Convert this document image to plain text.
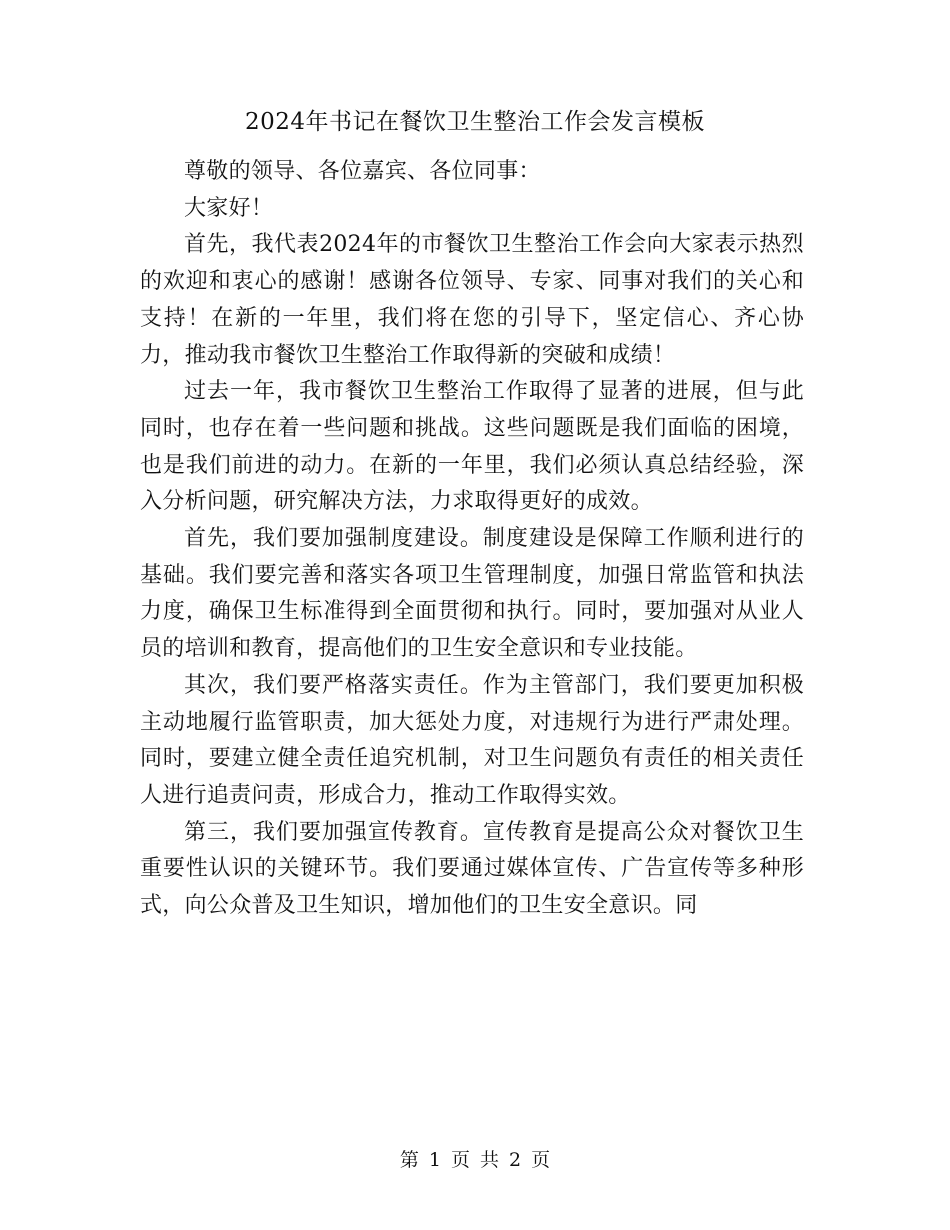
2024年书记在餐饮卫生整治工作会发言模板

尊敬的领导、各位嘉宾、各位同事：

大家好！

首先，我代表2024年的市餐饮卫生整治工作会向大家表示热烈的欢迎和衷心的感谢！感谢各位领导、专家、同事对我们的关心和支持！在新的一年里，我们将在您的引导下，坚定信心、齐心协力，推动我市餐饮卫生整治工作取得新的突破和成绩！

过去一年，我市餐饮卫生整治工作取得了显著的进展，但与此同时，也存在着一些问题和挑战。这些问题既是我们面临的困境，也是我们前进的动力。在新的一年里，我们必须认真总结经验，深入分析问题，研究解决方法，力求取得更好的成效。

首先，我们要加强制度建设。制度建设是保障工作顺利进行的基础。我们要完善和落实各项卫生管理制度，加强日常监管和执法力度，确保卫生标准得到全面贯彻和执行。同时，要加强对从业人员的培训和教育，提高他们的卫生安全意识和专业技能。

其次，我们要严格落实责任。作为主管部门，我们要更加积极主动地履行监管职责，加大惩处力度，对违规行为进行严肃处理。同时，要建立健全责任追究机制，对卫生问题负有责任的相关责任人进行追责问责，形成合力，推动工作取得实效。

第三，我们要加强宣传教育。宣传教育是提高公众对餐饮卫生重要性认识的关键环节。我们要通过媒体宣传、广告宣传等多种形式，向公众普及卫生知识，增加他们的卫生安全意识。同

第 1 页 共 2 页
